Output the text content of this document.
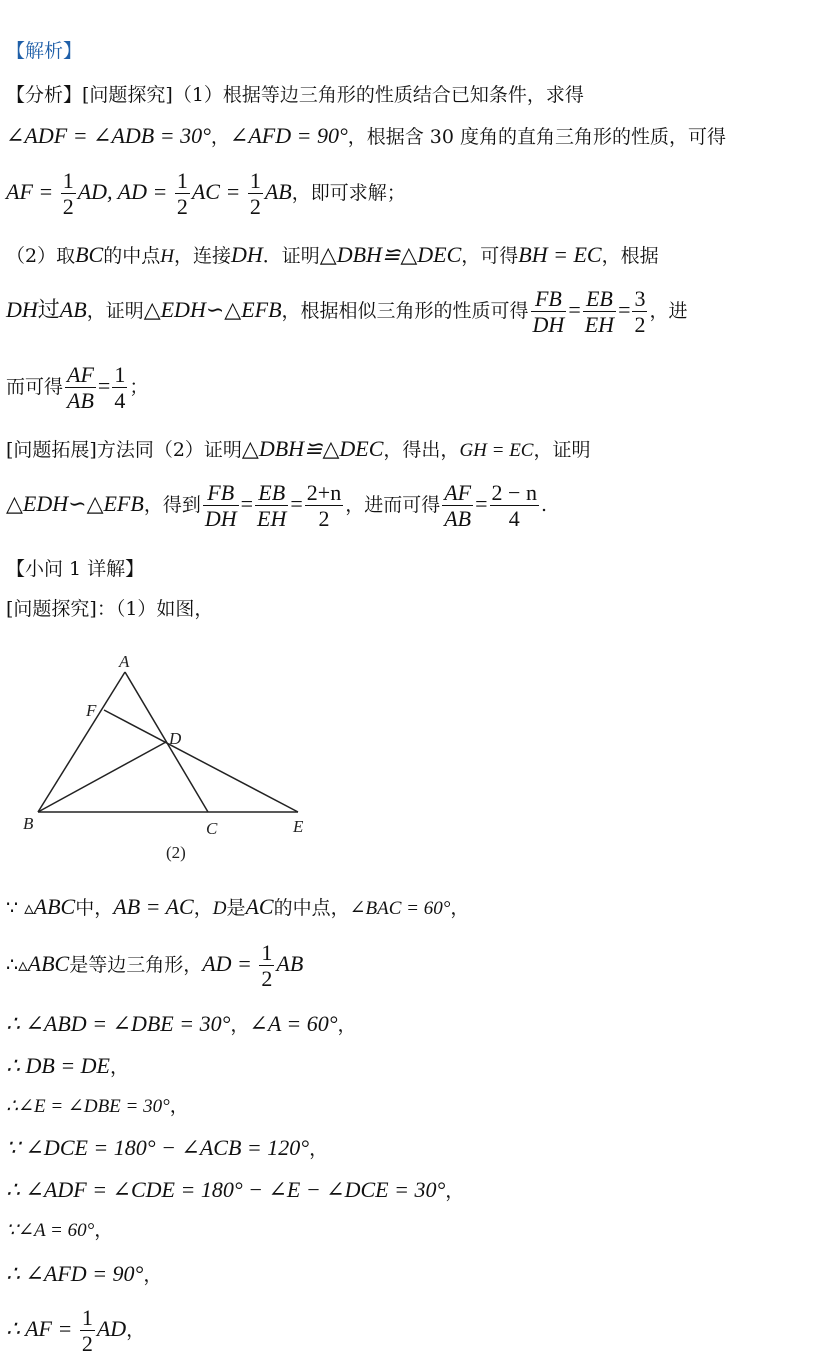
【解析】
【分析】[问题探究]（1）根据等边三角形的性质结合已知条件，求得
∠ADF = ∠ADB = 30°，∠AFD = 90°，根据含 30 度角的直角三角形的性质，可得
AF = $\frac{1}{2}$ AD, AD = $\frac{1}{2}$ AC = $\frac{1}{2}$ AB，即可求解；
（2）取BC的中点H，连接DH．证明△DBH≌△DEC，可得BH = EC，根据
DH过AB，证明△EDH∽△EFB，根据相似三角形的性质可得 $\frac{FB}{DH} = \frac{EB}{EH} = \frac{3}{2}$ ，进
而可得 $\frac{AF}{AB} = \frac{1}{4}$ ；
[问题拓展]方法同（2）证明△DBH≌△DEC，得出，GH = EC，证明
△EDH∽△EFB，得到 $\frac{FB}{DH} = \frac{EB}{EH} = \frac{2+n}{2}$ ，进而可得 $\frac{AF}{AB} = \frac{2 - n}{4}$ .
【小问 1 详解】
[问题探究]：（1）如图，
A
F
D
B	C	E
(2)
∵ ▵ABC中，AB = AC，D是AC的中点，∠BAC = 60°，
∴▵ABC是等边三角形，AD = $\frac{1}{2}$ AB
∴ ∠ABD = ∠DBE = 30°，∠A = 60°，
∴ DB = DE，
∴∠E = ∠DBE = 30°，
∵ ∠DCE = 180° − ∠ACB = 120°，
∴ ∠ADF = ∠CDE = 180° − ∠E − ∠DCE = 30°，
∵∠A = 60°，
∴ ∠AFD = 90°，
∴ AF = $\frac{1}{2}$ AD，
